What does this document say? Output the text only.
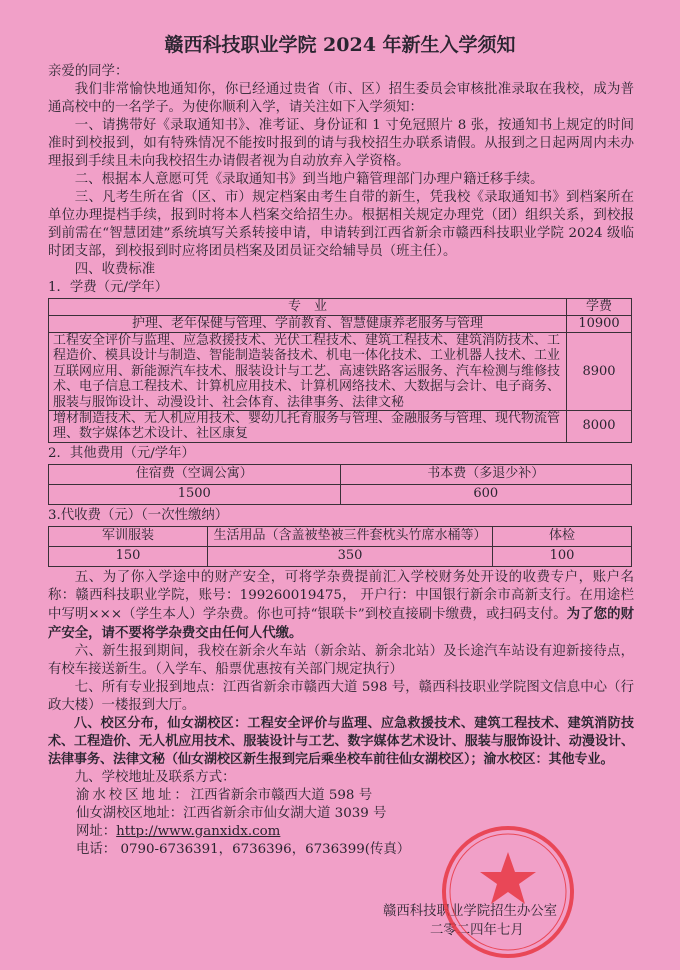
赣西科技职业学院 2024 年新生入学须知
亲爱的同学：
我们非常愉快地通知你，你已经通过贵省（市、区）招生委员会审核批准录取在我校，成为普通高校中的一名学子。为使你顺利入学，请关注如下入学须知：
一、请携带好《录取通知书》、准考证、身份证和 1 寸免冠照片 8 张，按通知书上规定的时间准时到校报到，如有特殊情况不能按时报到的请与我校招生办联系请假。从报到之日起两周内未办理报到手续且未向我校招生办请假者视为自动放弃入学资格。
二、根据本人意愿可凭《录取通知书》到当地户籍管理部门办理户籍迁移手续。
三、凡考生所在省（区、市）规定档案由考生自带的新生，凭我校《录取通知书》到档案所在单位办理提档手续，报到时将本人档案交给招生办。根据相关规定办理党（团）组织关系，到校报到前需在“智慧团建”系统填写关系转接申请，申请转到江西省新余市赣西科技职业学院 2024 级临时团支部，到校报到时应将团员档案及团员证交给辅导员（班主任）。
四、收费标准
1．学费（元/学年）
专　业	学费
护理、老年保健与管理、学前教育、智慧健康养老服务与管理	10900
工程安全评价与监理、应急救援技术、光伏工程技术、建筑工程技术、建筑消防技术、工程造价、模具设计与制造、智能制造装备技术、机电一体化技术、工业机器人技术、工业互联网应用、新能源汽车技术、服装设计与工艺、高速铁路客运服务、汽车检测与维修技术、电子信息工程技术、计算机应用技术、计算机网络技术、大数据与会计、电子商务、服装与服饰设计、动漫设计、社会体育、法律事务、法律文秘	8900
增材制造技术、无人机应用技术、婴幼儿托育服务与管理、金融服务与管理、现代物流管理、数字媒体艺术设计、社区康复	8000
2．其他费用（元/学年）
住宿费（空调公寓）	书本费（多退少补）
1500	600
3.代收费（元）（一次性缴纳）
军训服装	生活用品（含盖被垫被三件套枕头竹席水桶等）	体检
150	350	100
五、为了你入学途中的财产安全，可将学杂费提前汇入学校财务处开设的收费专户，账户名称：赣西科技职业学院，账号：19926001​9475， 开户行：中国银行新余市高新支行。在用途栏中写明×××（学生本人）学杂费。你也可持“银联卡”到校直接刷卡缴费，或扫码支付。为了您的财产安全，请不要将学杂费交由任何人代缴。
六、新生报到期间，我校在新余火车站（新余站、新余北站）及长途汽车站设有迎新接待点，有校车接送新生。（入学车、船票优惠按有关部门规定执行）
七、所有专业报到地点：江西省新余市赣西大道 598 号，赣西科技职业学院图文信息中心（行政大楼）一楼报到大厅。
八、校区分布，仙女湖校区：工程安全评价与监理、应急救援技术、建筑工程技术、建筑消防技术、工程造价、无人机应用技术、服装设计与工艺、数字媒体艺术设计、服装与服饰设计、动漫设计、法律事务、法律文秘（仙女湖校区新生报到完后乘坐校车前往仙女湖校区）；渝水校区：其他专业。
九、学校地址及联系方式：
渝水校区地址：江西省新余市赣西大道 598 号
仙女湖校区地址：江西省新余市仙女湖大道 3039 号
网址：http://www.ganxidx.com
电话： 0790-6736391，6736396，6736399(传真）
赣西科技职业学院招生办公室
二零二四年七月
